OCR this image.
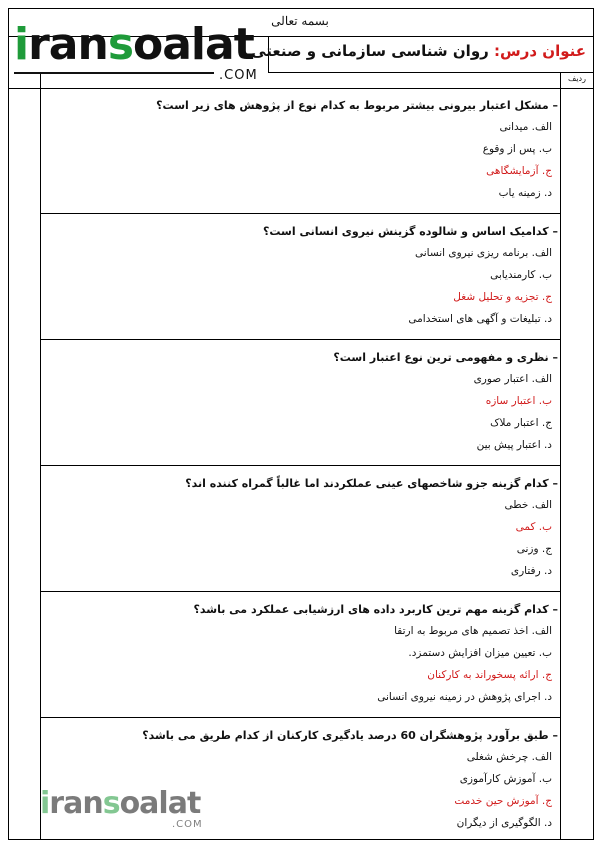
بسمه تعالی
عنوان درس: روان شناسی سازمانی و صنعتی
ردیف
iransoalat
.COM
– مشکل اعتبار بیرونی بیشتر مربوط به کدام نوع از پژوهش های زیر است؟
الف. میدانی
ب. پس از وقوع
ج. آزمایشگاهی
د. زمینه یاب
– کدامیک اساس و شالوده گزینش نیروی انسانی است؟
الف. برنامه ریزی نیروی انسانی
ب. کارمندیابی
ج. تجزیه و تحلیل شغل
د. تبلیغات و آگهی های استخدامی
– نظری و مفهومی ترین نوع اعتبار است؟
الف. اعتبار صوری
ب. اعتبار سازه
ج. اعتبار ملاک
د. اعتبار پیش بین
– کدام گزینه جزو شاخصهای عینی عملکردند اما غالباً گمراه کننده اند؟
الف. خطی
ب. کمی
ج. وزنی
د. رفتاری
– کدام گزینه مهم ترین کاربرد داده های ارزشیابی عملکرد می باشد؟
الف. اخذ تصمیم های مربوط به ارتقا
ب. تعیین میزان افزایش دستمزد.
ج. ارائه پسخوراند به کارکنان
د. اجرای پژوهش در زمینه نیروی انسانی
– طبق برآورد پژوهشگران 60 درصد یادگیری کارکنان از کدام طریق می باشد؟
الف. چرخش شغلی
ب. آموزش کارآموزی
ج. آموزش حین خدمت
د. الگوگیری از دیگران
iransoalat
.COM
